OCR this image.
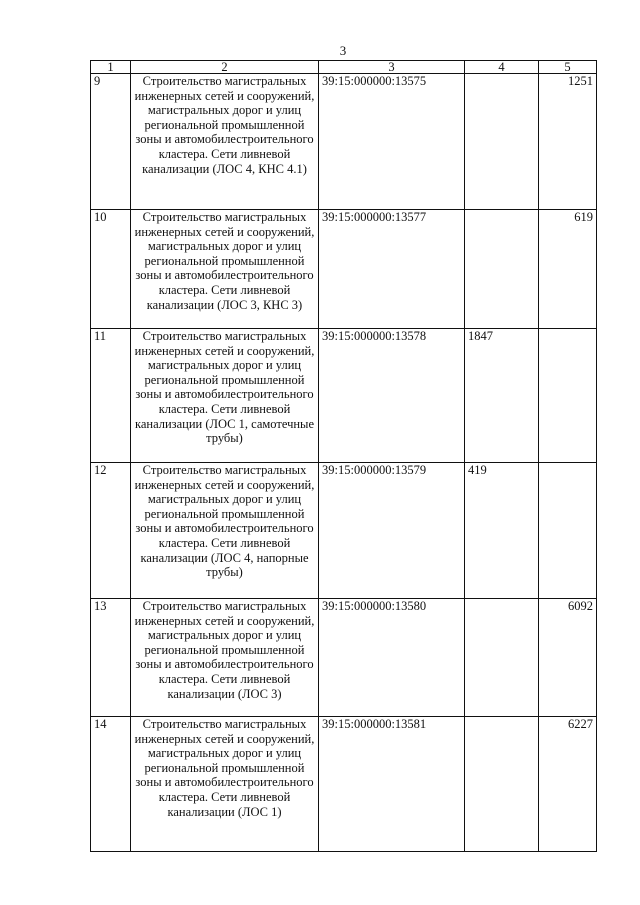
3
1	2	3	4	5
9	Строительство магистральных инженерных сетей и сооружений, магистральных дорог и улиц региональной промышленной зоны и автомобилестроительного кластера. Сети ливневой канализации (ЛОС 4, КНС 4.1)	39:15:000000:13575		1251
10	Строительство магистральных инженерных сетей и сооружений, магистральных дорог и улиц региональной промышленной зоны и автомобилестроительного кластера. Сети ливневой канализации (ЛОС 3, КНС 3)	39:15:000000:13577		619
11	Строительство магистральных инженерных сетей и сооружений, магистральных дорог и улиц региональной промышленной зоны и автомобилестроительного кластера. Сети ливневой канализации (ЛОС 1, самотечные трубы)	39:15:000000:13578	1847	
12	Строительство магистральных инженерных сетей и сооружений, магистральных дорог и улиц региональной промышленной зоны и автомобилестроительного кластера. Сети ливневой канализации (ЛОС 4, напорные трубы)	39:15:000000:13579	419	
13	Строительство магистральных инженерных сетей и сооружений, магистральных дорог и улиц региональной промышленной зоны и автомобилестроительного кластера. Сети ливневой канализации (ЛОС 3)	39:15:000000:13580		6092
14	Строительство магистральных инженерных сетей и сооружений, магистральных дорог и улиц региональной промышленной зоны и автомобилестроительного кластера. Сети ливневой канализации (ЛОС 1)	39:15:000000:13581		6227
